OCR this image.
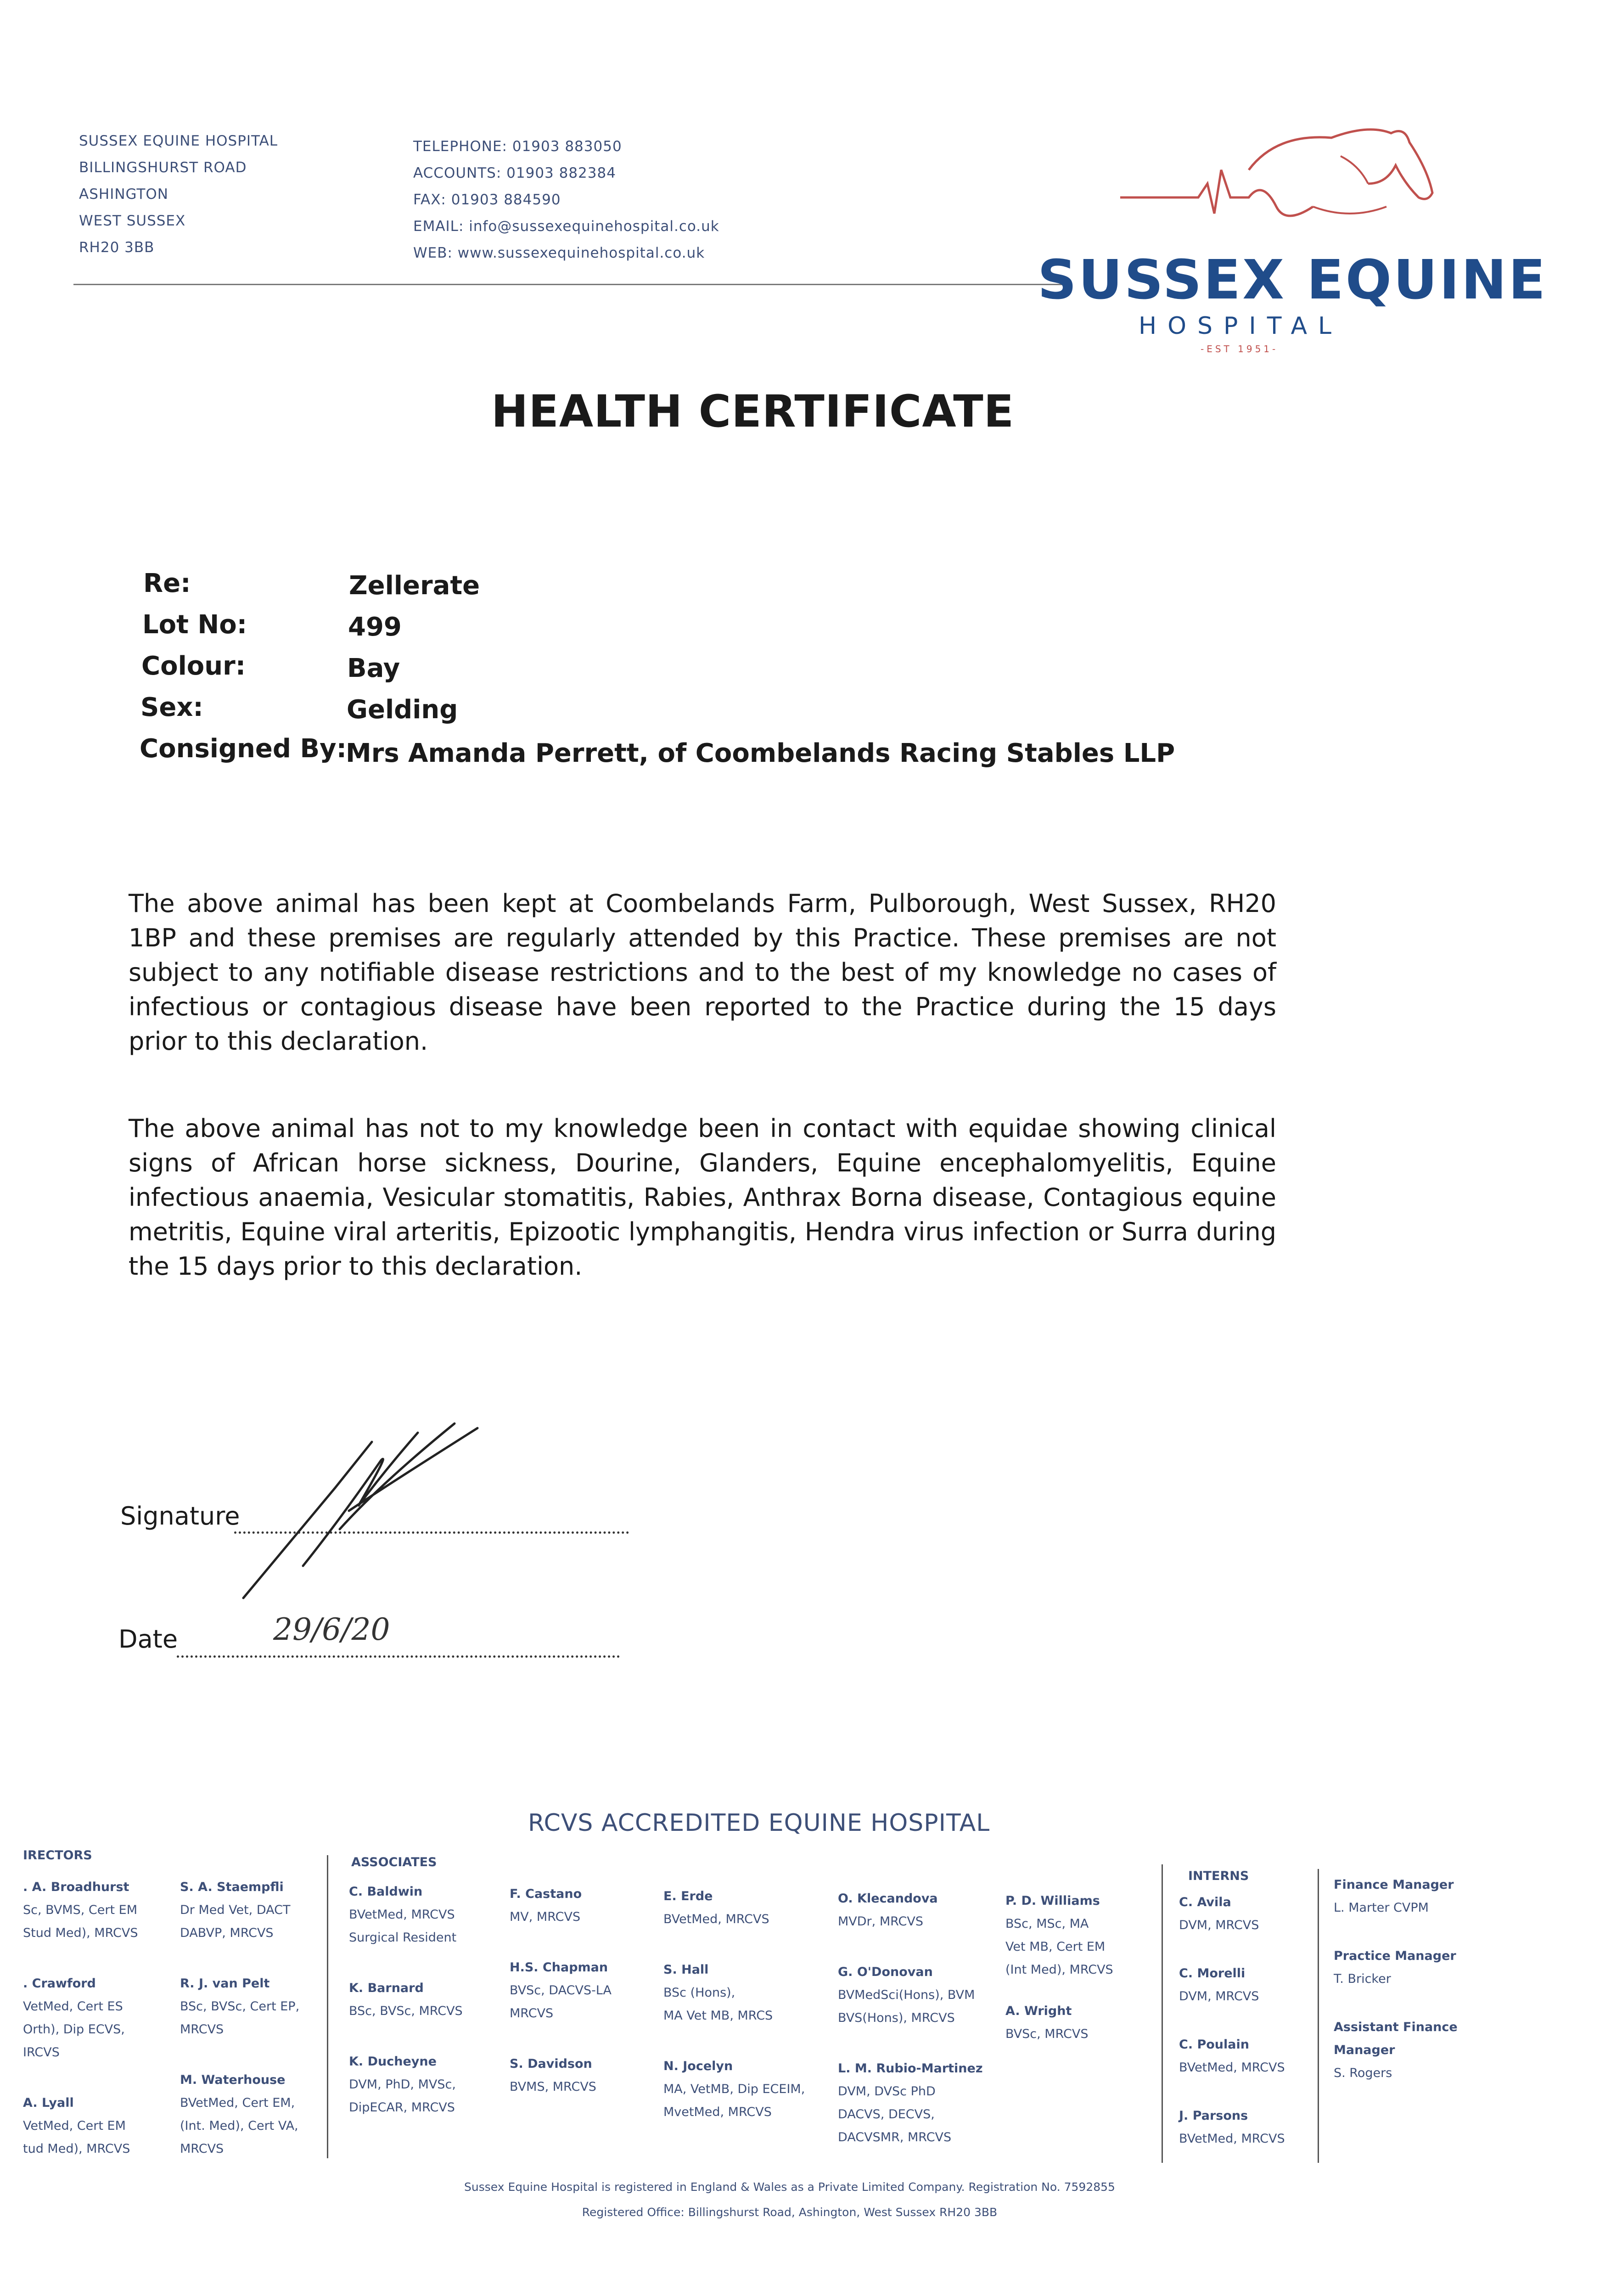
SUSSEX EQUINE HOSPITAL
BILLINGSHURST ROAD
ASHINGTON
WEST SUSSEX
RH20 3BB
TELEPHONE: 01903 883050
ACCOUNTS: 01903 882384
FAX: 01903 884590
EMAIL: info@sussexequinehospital.co.uk
WEB: www.sussexequinehospital.co.uk	SUSSEX EQUINE
HOSPITAL
-EST 1951-
HEALTH CERTIFICATE
Re:	Zellerate
Lot No:	499
Colour:	Bay
Sex:	Gelding
Consigned By:
Mrs Amanda Perrett, of Coombelands Racing Stables LLP
The above animal has been kept at Coombelands Farm, Pulborough, West Sussex, RH20 1BP and these premises are regularly attended by this Practice. These premises are not subject to any notifiable disease restrictions and to the best of my knowledge no cases of infectious or contagious disease have been reported to the Practice during the 15 days prior to this declaration.
The above animal has not to my knowledge been in contact with equidae showing clinical signs of African horse sickness, Dourine, Glanders, Equine encephalomyelitis, Equine infectious anaemia, Vesicular stomatitis, Rabies, Anthrax Borna disease, Contagious equine metritis, Equine viral arteritis, Epizootic lymphangitis, Hendra virus infection or Surra during the 15 days prior to this declaration.
Signature
Date	29/6/20
RCVS ACCREDITED EQUINE HOSPITAL
IRECTORS
. A. Broadhurst
Sc, BVMS, Cert EM
Stud Med), MRCVS
. Crawford
VetMed, Cert ES
Orth), Dip ECVS,
IRCVS
A. Lyall
VetMed, Cert EM
tud Med), MRCVS
S. A. Staempfli
Dr Med Vet, DACT
DABVP, MRCVS
R. J. van Pelt
BSc, BVSc, Cert EP,
MRCVS
M. Waterhouse
BVetMed, Cert EM,
(Int. Med), Cert VA,
MRCVS
ASSOCIATES
C. Baldwin
BVetMed, MRCVS
Surgical Resident
K. Barnard
BSc, BVSc, MRCVS
K. Ducheyne
DVM, PhD, MVSc,
DipECAR, MRCVS
F. Castano
MV, MRCVS
H.S. Chapman
BVSc, DACVS-LA
MRCVS
S. Davidson
BVMS, MRCVS
E. Erde
BVetMed, MRCVS
S. Hall
BSc (Hons),
MA Vet MB, MRCS
N. Jocelyn
MA, VetMB, Dip ECEIM,
MvetMed, MRCVS
O. Klecandova
MVDr, MRCVS
G. O'Donovan
BVMedSci(Hons), BVM
BVS(Hons), MRCVS
L. M. Rubio-Martinez
DVM, DVSc PhD
DACVS, DECVS,
DACVSMR, MRCVS
P. D. Williams
BSc, MSc, MA
Vet MB, Cert EM
(Int Med), MRCVS
A. Wright
BVSc, MRCVS
INTERNS
C. Avila
DVM, MRCVS
C. Morelli
DVM, MRCVS
C. Poulain
BVetMed, MRCVS
J. Parsons
BVetMed, MRCVS
Finance Manager
L. Marter CVPM
Practice Manager
T. Bricker
Assistant Finance Manager
S. Rogers
Sussex Equine Hospital is registered in England & Wales as a Private Limited Company. Registration No. 7592855
Registered Office: Billingshurst Road, Ashington, West Sussex RH20 3BB
